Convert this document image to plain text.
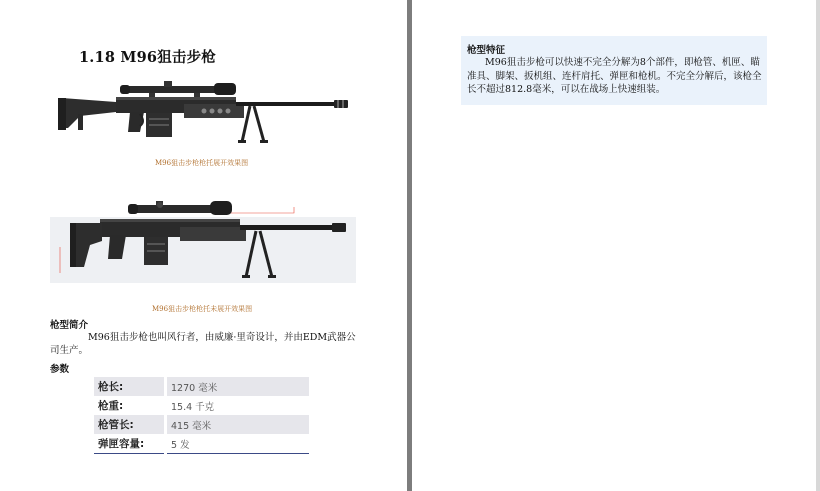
1.18 M96狙击步枪
M96狙击步枪枪托展开效果图
M96狙击步枪枪托未展开效果图
枪型简介

M96狙击步枪也叫风行者，由威廉·里奇设计，并由EDM武器公司生产。

参数
枪长:	1270 毫米
枪重:	15.4 千克
枪管长:	415 毫米
弹匣容量:	5 发
枪型特征

M96狙击步枪可以快速不完全分解为8个部件，即枪管、机匣、瞄准具、脚架、扳机组、连杆肩托、弹匣和枪机。不完全分解后，该枪全长不超过812.8毫米，可以在战场上快速组装。
